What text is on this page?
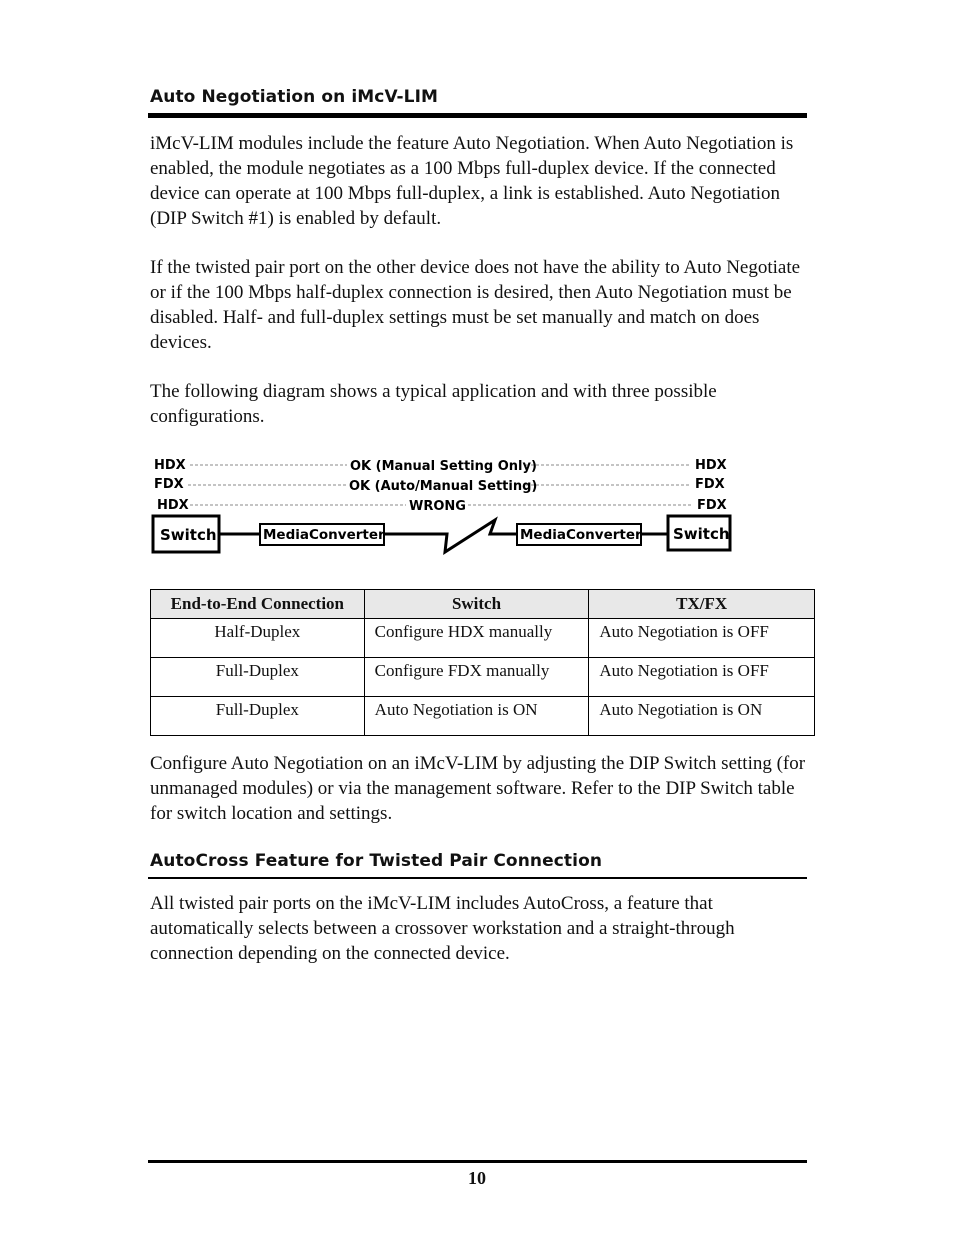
Auto Negotiation on iMcV-LIM

iMcV-LIM modules include the feature Auto Negotiation. When Auto Negotiation is enabled, the module negotiates as a 100 Mbps full-duplex device. If the connected device can operate at 100 Mbps full-duplex, a link is established. Auto Negotiation (DIP Switch #1) is enabled by default.

If the twisted pair port on the other device does not have the ability to Auto Negotiate or if the 100 Mbps half-duplex connection is desired, then Auto Negotiation must be disabled. Half- and full-duplex settings must be set manually and match on does devices.

The following diagram shows a typical application and with three possible configurations.

HDX
FDX
HDX
HDX
FDX
FDX
OK (Manual Setting Only)
OK (Auto/Manual Setting)
WRONG
Switch	MediaConverter	MediaConverter Switch
End-to-End Connection	Switch	TX/FX
Half-Duplex	Configure HDX manually	Auto Negotiation is OFF
Full-Duplex	Configure FDX manually	Auto Negotiation is OFF
Full-Duplex	Auto Negotiation is ON	Auto Negotiation is ON

Configure Auto Negotiation on an iMcV-LIM by adjusting the DIP Switch setting (for unmanaged modules) or via the management software. Refer to the DIP Switch table for switch location and settings.

AutoCross Feature for Twisted Pair Connection

All twisted pair ports on the iMcV-LIM includes AutoCross, a feature that automatically selects between a crossover workstation and a straight-through connection depending on the connected device.

10
